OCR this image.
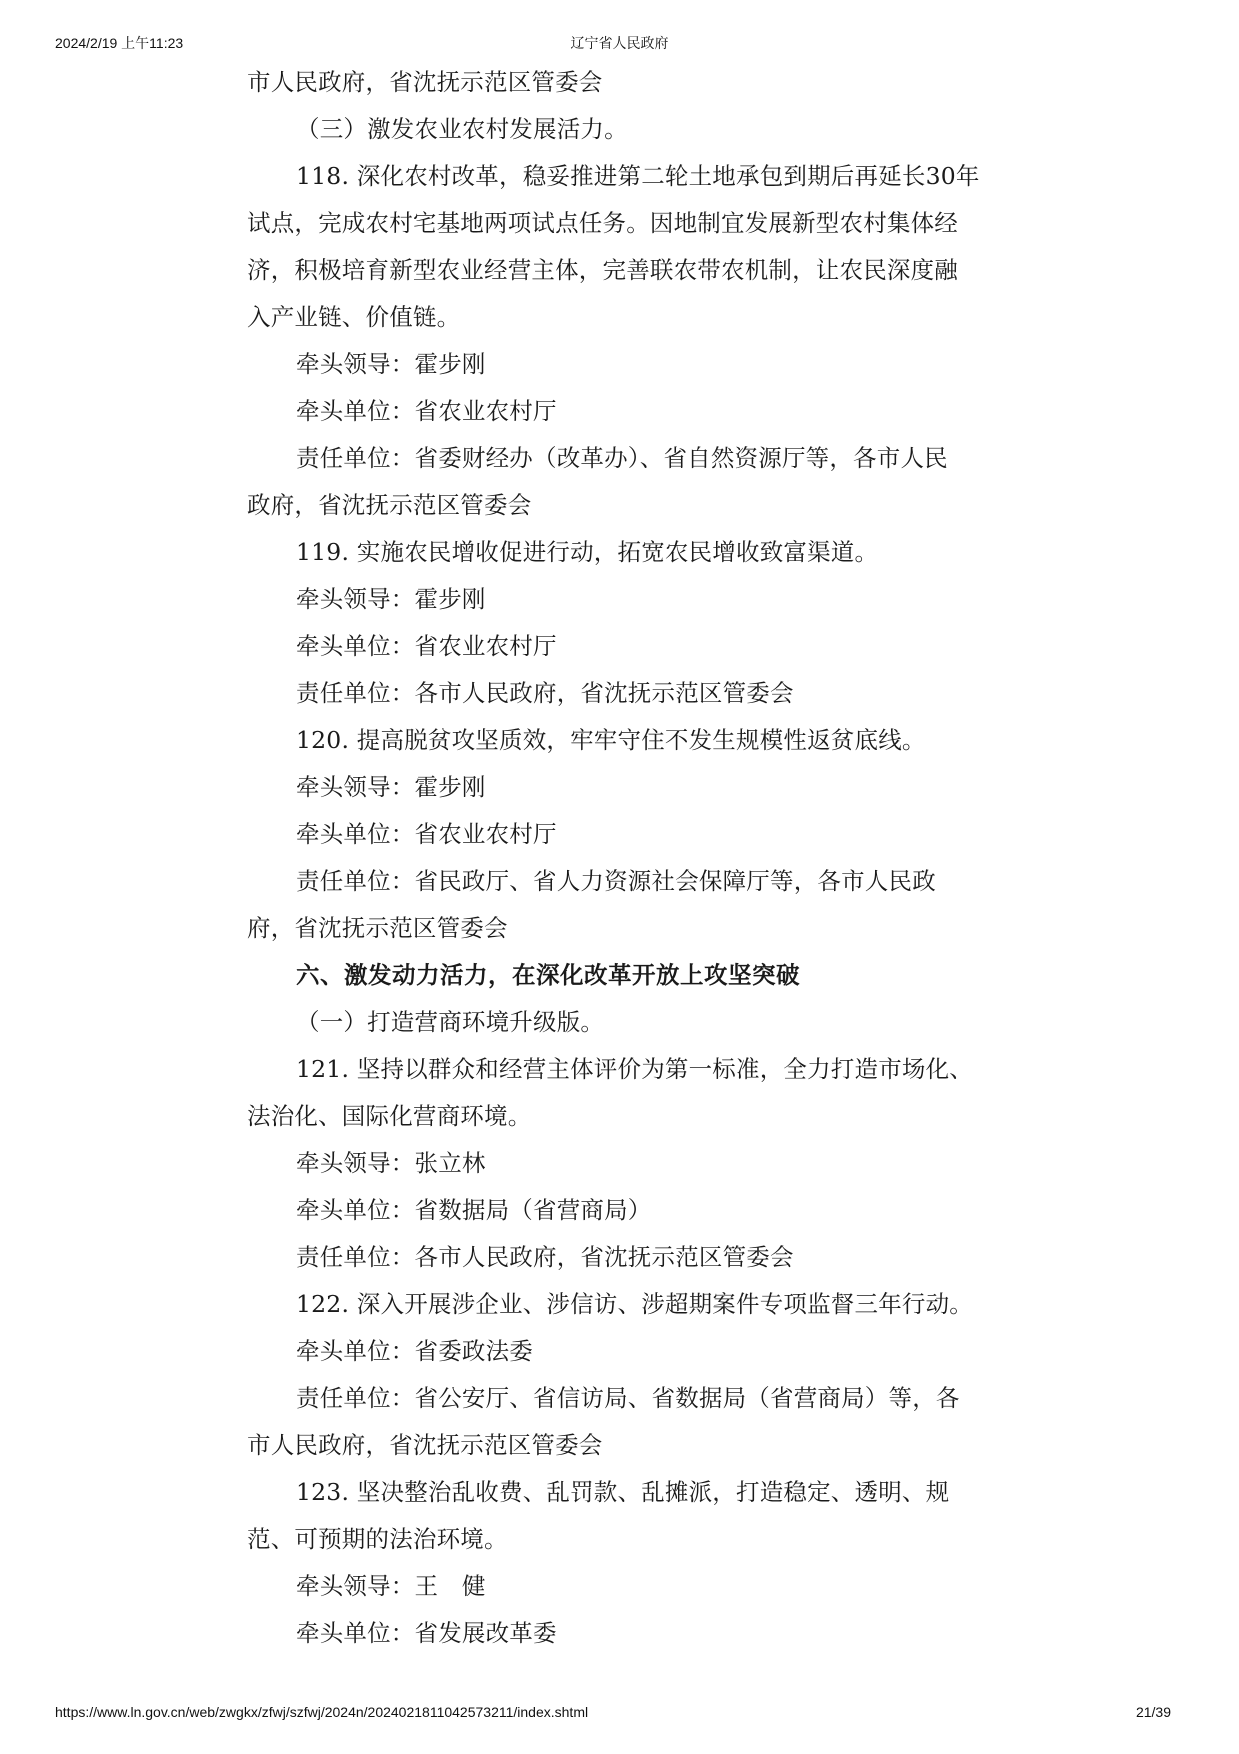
2024/2/19 上午11:23	辽宁省人民政府
市人民政府，省沈抚示范区管委会
（三）激发农业农村发展活力。
118. 深化农村改革，稳妥推进第二轮土地承包到期后再延长30年
试点，完成农村宅基地两项试点任务。因地制宜发展新型农村集体经
济，积极培育新型农业经营主体，完善联农带农机制，让农民深度融
入产业链、价值链。
牵头领导：霍步刚
牵头单位：省农业农村厅
责任单位：省委财经办（改革办）、省自然资源厅等，各市人民
政府，省沈抚示范区管委会
119. 实施农民增收促进行动，拓宽农民增收致富渠道。
牵头领导：霍步刚
牵头单位：省农业农村厅
责任单位：各市人民政府，省沈抚示范区管委会
120. 提高脱贫攻坚质效，牢牢守住不发生规模性返贫底线。
牵头领导：霍步刚
牵头单位：省农业农村厅
责任单位：省民政厅、省人力资源社会保障厅等，各市人民政
府，省沈抚示范区管委会
六、激发动力活力，在深化改革开放上攻坚突破
（一）打造营商环境升级版。
121. 坚持以群众和经营主体评价为第一标准，全力打造市场化、
法治化、国际化营商环境。
牵头领导：张立林
牵头单位：省数据局（省营商局）
责任单位：各市人民政府，省沈抚示范区管委会
122. 深入开展涉企业、涉信访、涉超期案件专项监督三年行动。
牵头单位：省委政法委
责任单位：省公安厅、省信访局、省数据局（省营商局）等，各
市人民政府，省沈抚示范区管委会
123. 坚决整治乱收费、乱罚款、乱摊派，打造稳定、透明、规
范、可预期的法治环境。
牵头领导：王　健
牵头单位：省发展改革委
https://www.ln.gov.cn/web/zwgkx/zfwj/szfwj/2024n/2024021811042573211/index.shtml	21/39
